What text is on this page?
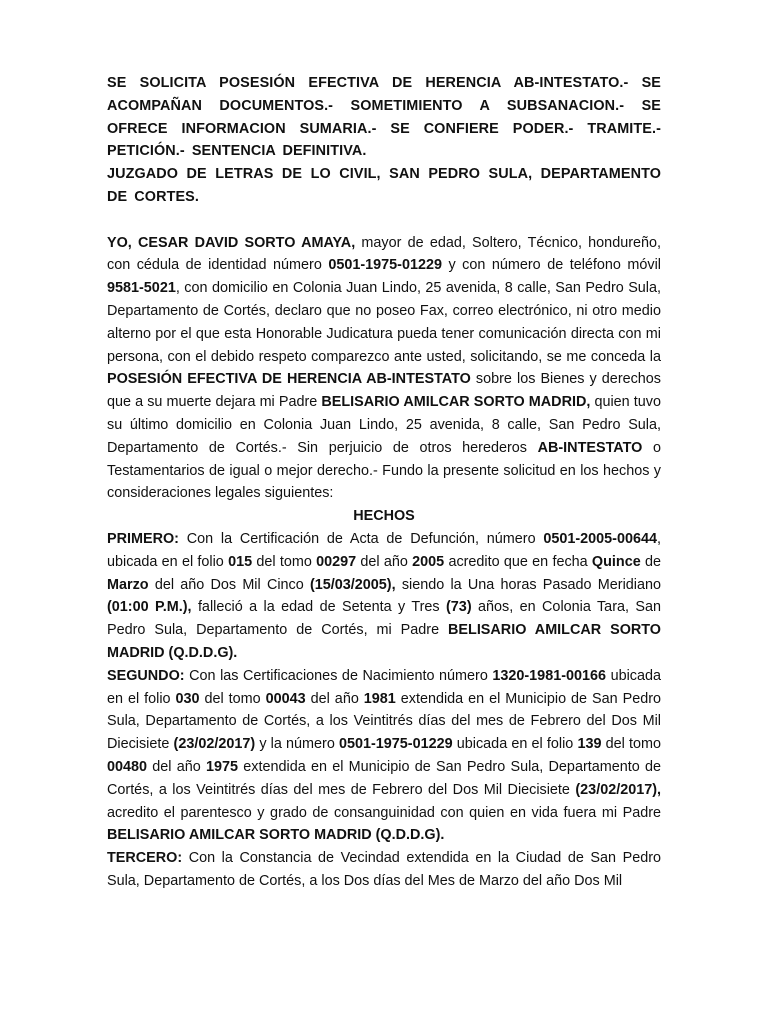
SE SOLICITA POSESIÓN EFECTIVA DE HERENCIA AB-INTESTATO.- SE ACOMPAÑAN DOCUMENTOS.- SOMETIMIENTO A SUBSANACION.- SE OFRECE INFORMACION SUMARIA.- SE CONFIERE PODER.- TRAMITE.- PETICIÓN.- SENTENCIA DEFINITIVA.

JUZGADO DE LETRAS DE LO CIVIL, SAN PEDRO SULA, DEPARTAMENTO DE CORTES.

YO, CESAR DAVID SORTO AMAYA, mayor de edad, Soltero, Técnico, hondureño, con cédula de identidad número 0501-1975-01229 y con número de teléfono móvil 9581-5021, con domicilio en Colonia Juan Lindo, 25 avenida, 8 calle, San Pedro Sula, Departamento de Cortés, declaro que no poseo Fax, correo electrónico, ni otro medio alterno por el que esta Honorable Judicatura pueda tener comunicación directa con mi persona, con el debido respeto comparezco ante usted, solicitando, se me conceda la POSESIÓN EFECTIVA DE HERENCIA AB-INTESTATO sobre los Bienes y derechos que a su muerte dejara mi Padre BELISARIO AMILCAR SORTO MADRID, quien tuvo su último domicilio en Colonia Juan Lindo, 25 avenida, 8 calle, San Pedro Sula, Departamento de Cortés.- Sin perjuicio de otros herederos AB-INTESTATO o Testamentarios de igual o mejor derecho.- Fundo la presente solicitud en los hechos y consideraciones legales siguientes:

HECHOS

PRIMERO: Con la Certificación de Acta de Defunción, número 0501-2005-00644, ubicada en el folio 015 del tomo 00297 del año 2005 acredito que en fecha Quince de Marzo del año Dos Mil Cinco (15/03/2005), siendo la Una horas Pasado Meridiano (01:00 P.M.), falleció a la edad de Setenta y Tres (73) años, en Colonia Tara, San Pedro Sula, Departamento de Cortés, mi Padre BELISARIO AMILCAR SORTO MADRID (Q.D.D.G).

SEGUNDO: Con las Certificaciones de Nacimiento número 1320-1981-00166 ubicada en el folio 030 del tomo 00043 del año 1981 extendida en el Municipio de San Pedro Sula, Departamento de Cortés, a los Veintitrés días del mes de Febrero del Dos Mil Diecisiete (23/02/2017) y la número 0501-1975-01229 ubicada en el folio 139 del tomo 00480 del año 1975 extendida en el Municipio de San Pedro Sula, Departamento de Cortés, a los Veintitrés días del mes de Febrero del Dos Mil Diecisiete (23/02/2017), acredito el parentesco y grado de consanguinidad con quien en vida fuera mi Padre BELISARIO AMILCAR SORTO MADRID (Q.D.D.G).

TERCERO: Con la Constancia de Vecindad extendida en la Ciudad de San Pedro Sula, Departamento de Cortés, a los Dos días del Mes de Marzo del año Dos Mil
